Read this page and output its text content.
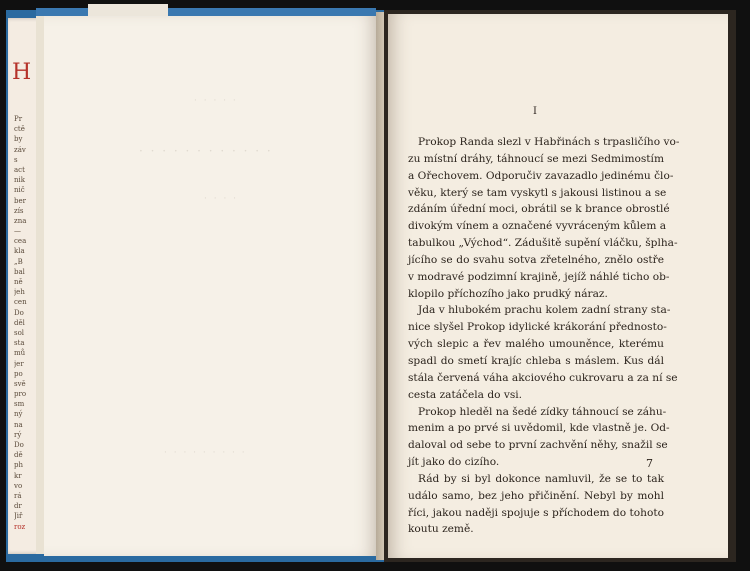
H
Pr
ctě
by
záv
s
act
nik
nič
ber
zís
zna
—
cea
kla
„B
bal
ně
jeh
cen
Do
děl
sol
sta
mů
jer
po
svě
pro
sm
ný
na
rý
Do
dě
ph
kr
vo
rá
dr
Jiř
roz
· · · · ·
· · · · · · · · · · · ·
· · · ·
· · · · · · · · ·
I
Prokop Randa slezl v Habřinách s trpasličího vo-
zu místní dráhy, táhnoucí se mezi Sedmimostím
a Ořechovem. Odporučiv zavazadlo jedinému člo-
věku, který se tam vyskytl s jakousi listinou a se
zdáním úřední moci, obrátil se k brance obrostlé
divokým vínem a označené vyvráceným kůlem a
tabulkou „Východ“. Zádušitě supění vláčku, šplha-
jícího se do svahu sotva zřetelného, znělo ostře
v modravé podzimní krajině, jejíž náhlé ticho ob-
klopilo příchozího jako prudký náraz.
Jda v hlubokém prachu kolem zadní strany sta-
nice slyšel Prokop idylické krákorání přednosto-
vých slepic a řev malého umouněnce, kterému
spadl do smetí krajíc chleba s máslem. Kus dál
stála červená váha akciového cukrovaru a za ní se
cesta zatáčela do vsi.
Prokop hleděl na šedé zídky táhnoucí se záhu-
menim a po prvé si uvědomil, kde vlastně je. Od-
daloval od sebe to první zachvění něhy, snažil se
jít jako do cizího.
Rád by si byl dokonce namluvil, že se to tak
událo samo, bez jeho přičinění. Nebyl by mohl
říci, jakou naději spojuje s příchodem do tohoto
koutu země.
7
